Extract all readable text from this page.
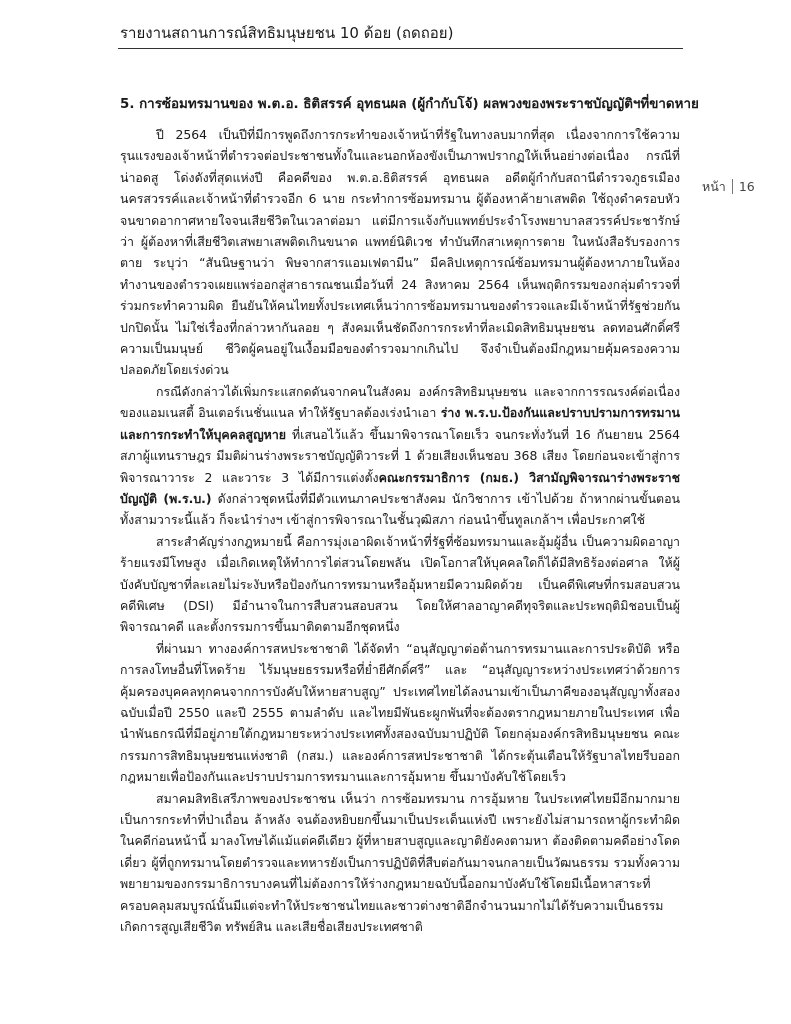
รายงานสถานการณ์สิทธิมนุษยชน 10 ด้อย (ถดถอย)
5. การซ้อมทรมานของ พ.ต.อ. ธิติสรรค์ อุทธนผล (ผู้กำกับโจ้) ผลพวงของพระราชบัญญัติฯที่ขาดหาย
หน้า 16

ปี 2564 เป็นปีที่มีการพูดถึงการกระทำของเจ้าหน้าที่รัฐในทางลบมากที่สุด เนื่องจากการใช้ความรุนแรงของเจ้าหน้าที่ตำรวจต่อประชาชนทั้งในและนอกห้องขังเป็นภาพปรากฏให้เห็นอย่างต่อเนื่อง กรณีที่น่าอดสู โด่งดังที่สุดแห่งปี คือคดีของ พ.ต.อ.ธิติสรรค์ อุทธนผล อดีตผู้กำกับสถานีตำรวจภูธรเมืองนครสวรรค์และเจ้าหน้าที่ตำรวจอีก 6 นาย กระทำการซ้อมทรมาน ผู้ต้องหาค้ายาเสพติด ใช้ถุงดำครอบหัวจนขาดอากาศหายใจจนเสียชีวิตในเวลาต่อมา แต่มีการแจ้งกับแพทย์ประจำโรงพยาบาลสวรรค์ประชารักษ์ว่า ผู้ต้องหาที่เสียชีวิตเสพยาเสพติดเกินขนาด แพทย์นิติเวช ทำบันทึกสาเหตุการตาย ในหนังสือรับรองการตาย ระบุว่า “สันนิษฐานว่า พิษจากสารแอมเฟตามีน” มีคลิปเหตุการณ์ซ้อมทรมานผู้ต้องหาภายในห้องทำงานของตำรวจเผยแพร่ออกสู่สาธารณชนเมื่อวันที่ 24 สิงหาคม 2564 เห็นพฤติกรรมของกลุ่มตำรวจที่ร่วมกระทำความผิด ยืนยันให้คนไทยทั้งประเทศเห็นว่าการซ้อมทรมานของตำรวจและมีเจ้าหน้าที่รัฐช่วยกันปกปิดนั้น ไม่ใช่เรื่องที่กล่าวหากันลอย ๆ สังคมเห็นชัดถึงการกระทำที่ละเมิดสิทธิมนุษยชน ลดทอนศักดิ์ศรีความเป็นมนุษย์ ชีวิตผู้คนอยู่ในเงื้อมมือของตำรวจมากเกินไป จึงจำเป็นต้องมีกฎหมายคุ้มครองความปลอดภัยโดยเร่งด่วน

กรณีดังกล่าวได้เพิ่มกระแสกดดันจากคนในสังคม องค์กรสิทธิมนุษยชน และจากการรณรงค์ต่อเนื่องของแอมเนสตี้ อินเตอร์เนชั่นแนล ทำให้รัฐบาลต้องเร่งนำเอา ร่าง พ.ร.บ.ป้องกันและปราบปรามการทรมานและการกระทำให้บุคคลสูญหาย ที่เสนอไว้แล้ว ขึ้นมาพิจารณาโดยเร็ว จนกระทั่งวันที่ 16 กันยายน 2564 สภาผู้แทนราษฎร มีมติผ่านร่างพระราชบัญญัติวาระที่ 1 ด้วยเสียงเห็นชอบ 368 เสียง โดยก่อนจะเข้าสู่การพิจารณาวาระ 2 และวาระ 3 ได้มีการแต่งตั้งคณะกรรมาธิการ (กมธ.) วิสามัญพิจารณาร่างพระราชบัญญัติ (พ.ร.บ.) ดังกล่าวชุดหนึ่งที่มีตัวแทนภาคประชาสังคม นักวิชาการ เข้าไปด้วย ถ้าหากผ่านขั้นตอนทั้งสามวาระนี้แล้ว ก็จะนำร่างฯ เข้าสู่การพิจารณาในชั้นวุฒิสภา ก่อนนำขึ้นทูลเกล้าฯ เพื่อประกาศใช้

สาระสำคัญร่างกฎหมายนี้ คือการมุ่งเอาผิดเจ้าหน้าที่รัฐที่ซ้อมทรมานและอุ้มผู้อื่น เป็นความผิดอาญาร้ายแรงมีโทษสูง เมื่อเกิดเหตุให้ทำการไต่สวนโดยพลัน เปิดโอกาสให้บุคคลใดก็ได้มีสิทธิร้องต่อศาล ให้ผู้บังคับบัญชาที่ละเลยไม่ระงับหรือป้องกันการทรมานหรืออุ้มหายมีความผิดด้วย เป็นคดีพิเศษที่กรมสอบสวนคดีพิเศษ (DSI) มีอำนาจในการสืบสวนสอบสวน โดยให้ศาลอาญาคดีทุจริตและประพฤติมิชอบเป็นผู้พิจารณาคดี และตั้งกรรมการขึ้นมาติดตามอีกชุดหนึ่ง

ที่ผ่านมา ทางองค์การสหประชาชาติ ได้จัดทำ “อนุสัญญาต่อต้านการทรมานและการประติบัติ หรือการลงโทษอื่นที่โหดร้าย ไร้มนุษยธรรมหรือที่ย่ำยีศักดิ์ศรี” และ “อนุสัญญาระหว่างประเทศว่าด้วยการคุ้มครองบุคคลทุกคนจากการบังคับให้หายสาบสูญ” ประเทศไทยได้ลงนามเข้าเป็นภาคีของอนุสัญญาทั้งสองฉบับเมื่อปี 2550 และปี 2555 ตามลำดับ และไทยมีพันธะผูกพันที่จะต้องตรากฎหมายภายในประเทศ เพื่อนำพันธกรณีที่มีอยู่ภายใต้กฎหมายระหว่างประเทศทั้งสองฉบับมาปฏิบัติ โดยกลุ่มองค์กรสิทธิมนุษยชน คณะกรรมการสิทธิมนุษยชนแห่งชาติ (กสม.) และองค์การสหประชาชาติ ได้กระตุ้นเตือนให้รัฐบาลไทยรีบออกกฎหมายเพื่อป้องกันและปราบปรามการทรมานและการอุ้มหาย ขึ้นมาบังคับใช้โดยเร็ว

สมาคมสิทธิเสรีภาพของประชาชน เห็นว่า การซ้อมทรมาน การอุ้มหาย ในประเทศไทยมีอีกมากมายเป็นการกระทำที่ป่าเถื่อน ล้าหลัง จนต้องหยิบยกขึ้นมาเป็นประเด็นแห่งปี เพราะยังไม่สามารถหาผู้กระทำผิดในคดีก่อนหน้านี้ มาลงโทษได้แม้แต่คดีเดียว ผู้ที่หายสาบสูญและญาติยังคงตามหา ต้องติดตามคดีอย่างโดดเดี่ยว ผู้ที่ถูกทรมานโดยตำรวจและทหารยังเป็นการปฏิบัติที่สืบต่อกันมาจนกลายเป็นวัฒนธรรม รวมทั้งความพยายามของกรรมาธิการบางคนที่ไม่ต้องการให้ร่างกฎหมายฉบับนี้ออกมาบังคับใช้โดยมีเนื้อหาสาระที่ครอบคลุมสมบูรณ์นั้นมีแต่จะทำให้ประชาชนไทยและชาวต่างชาติอีกจำนวนมากไม่ได้รับความเป็นธรรม เกิดการสูญเสียชีวิต ทรัพย์สิน และเสียชื่อเสียงประเทศชาติ
